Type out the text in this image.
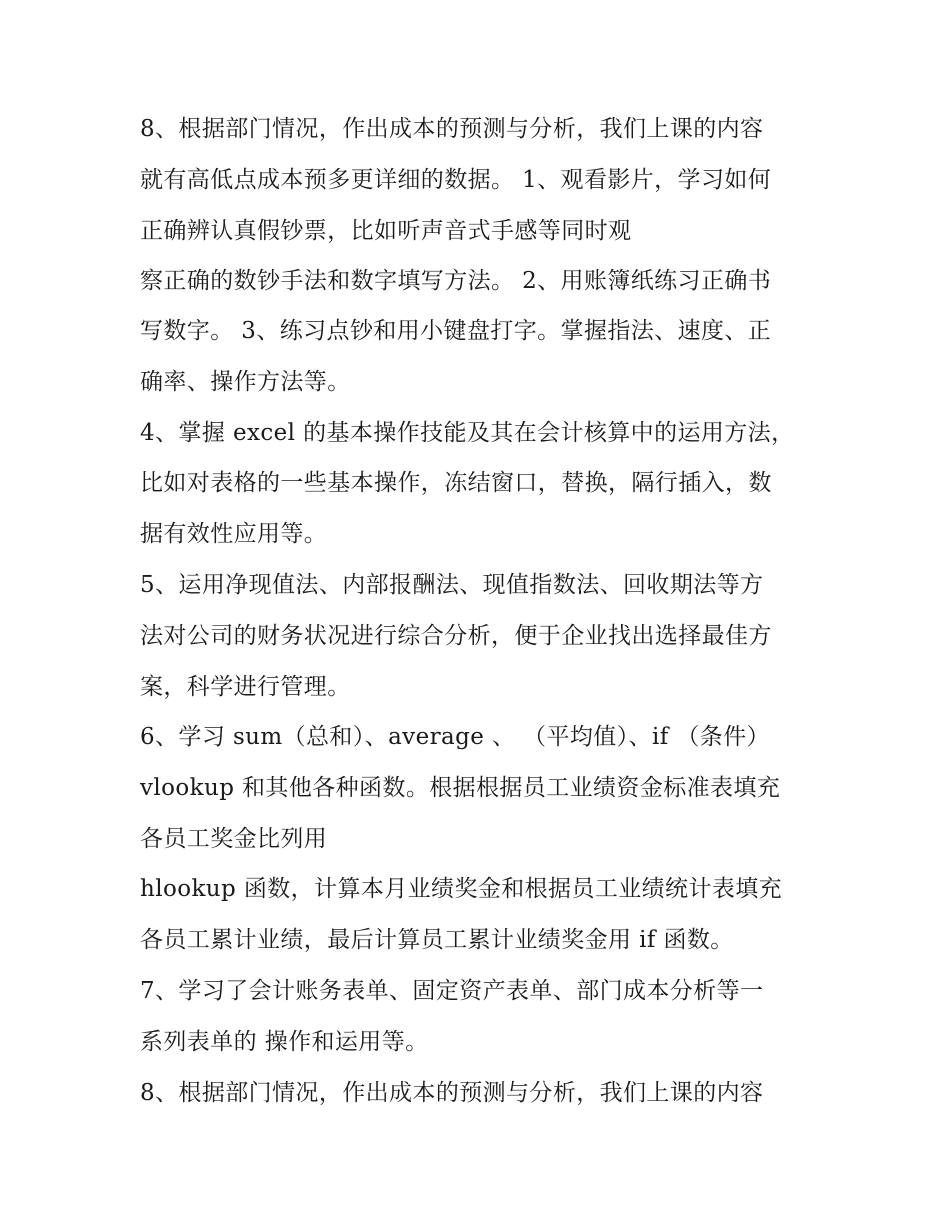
8、根据部门情况，作出成本的预测与分析，我们上课的内容
就有高低点成本预多更详细的数据。 1、观看影片，学习如何
正确辨认真假钞票，比如听声音式手感等同时观
察正确的数钞手法和数字填写方法。 2、用账簿纸练习正确书
写数字。 3、练习点钞和用小键盘打字。掌握指法、速度、正
确率、操作方法等。
4、掌握 excel 的基本操作技能及其在会计核算中的运用方法，
比如对表格的一些基本操作，冻结窗口，替换，隔行插入，数
据有效性应用等。
5、运用净现值法、内部报酬法、现值指数法、回收期法等方
法对公司的财务状况进行综合分析，便于企业找出选择最佳方
案，科学进行管理。
6、学习 sum（总和）、average 、 （平均值）、if （条件）
vlookup 和其他各种函数。根据根据员工业绩资金标准表填充
各员工奖金比列用
hlookup 函数，计算本月业绩奖金和根据员工业绩统计表填充
各员工累计业绩，最后计算员工累计业绩奖金用 if 函数。
7、学习了会计账务表单、固定资产表单、部门成本分析等一
系列表单的 操作和运用等。
8、根据部门情况，作出成本的预测与分析，我们上课的内容
